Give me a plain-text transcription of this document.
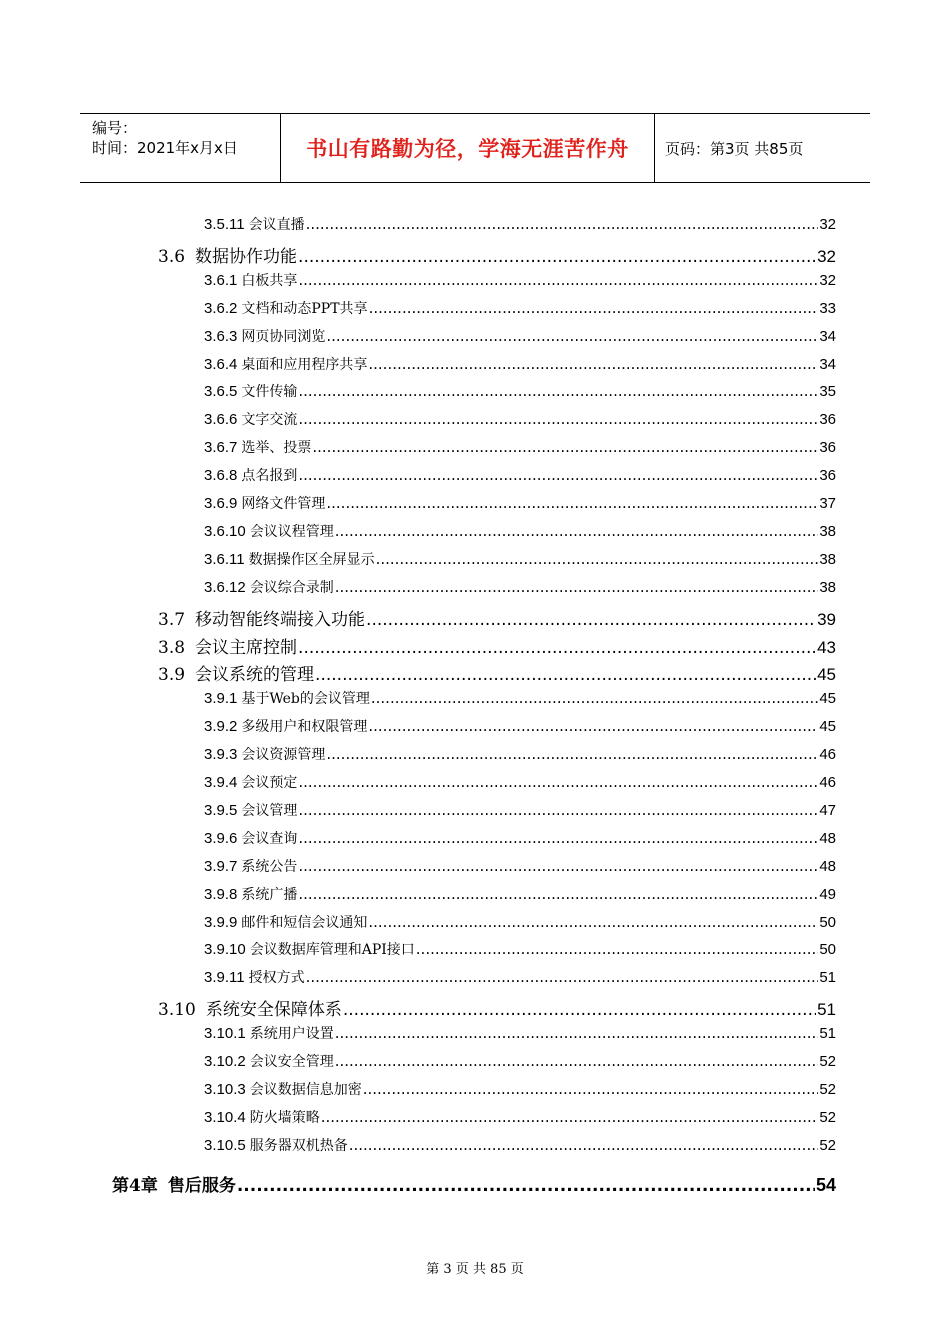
编号：
时间：2021年x月x日	书山有路勤为径，学海无涯苦作舟	页码：第3页 共85页
3.5.11 会议直播 .....	32
3.6 数据协作功能 .....	32
3.6.1 白板共享 .....	32
3.6.2 文档和动态PPT共享 .....	33
3.6.3 网页协同浏览 .....	34
3.6.4 桌面和应用程序共享 .....	34
3.6.5 文件传输 .....	35
3.6.6 文字交流 .....	36
3.6.7 选举、投票 .....	36
3.6.8 点名报到 .....	36
3.6.9 网络文件管理 .....	37
3.6.10 会议议程管理 .....	38
3.6.11 数据操作区全屏显示 .....	38
3.6.12 会议综合录制 .....	38
3.7 移动智能终端接入功能 .....	39
3.8 会议主席控制 .....	43
3.9 会议系统的管理 .....	45
3.9.1 基于Web的会议管理 .....	45
3.9.2 多级用户和权限管理 .....	45
3.9.3 会议资源管理 .....	46
3.9.4 会议预定 .....	46
3.9.5 会议管理 .....	47
3.9.6 会议查询 .....	48
3.9.7 系统公告 .....	48
3.9.8 系统广播 .....	49
3.9.9 邮件和短信会议通知 .....	50
3.9.10 会议数据库管理和API接口 .....	50
3.9.11 授权方式 .....	51
3.10 系统安全保障体系 .....	51
3.10.1 系统用户设置 .....	51
3.10.2 会议安全管理 .....	52
3.10.3 会议数据信息加密 .....	52
3.10.4 防火墙策略 .....	52
3.10.5 服务器双机热备 .....	52
第4章 售后服务 .....	54
第 3 页 共 85 页
